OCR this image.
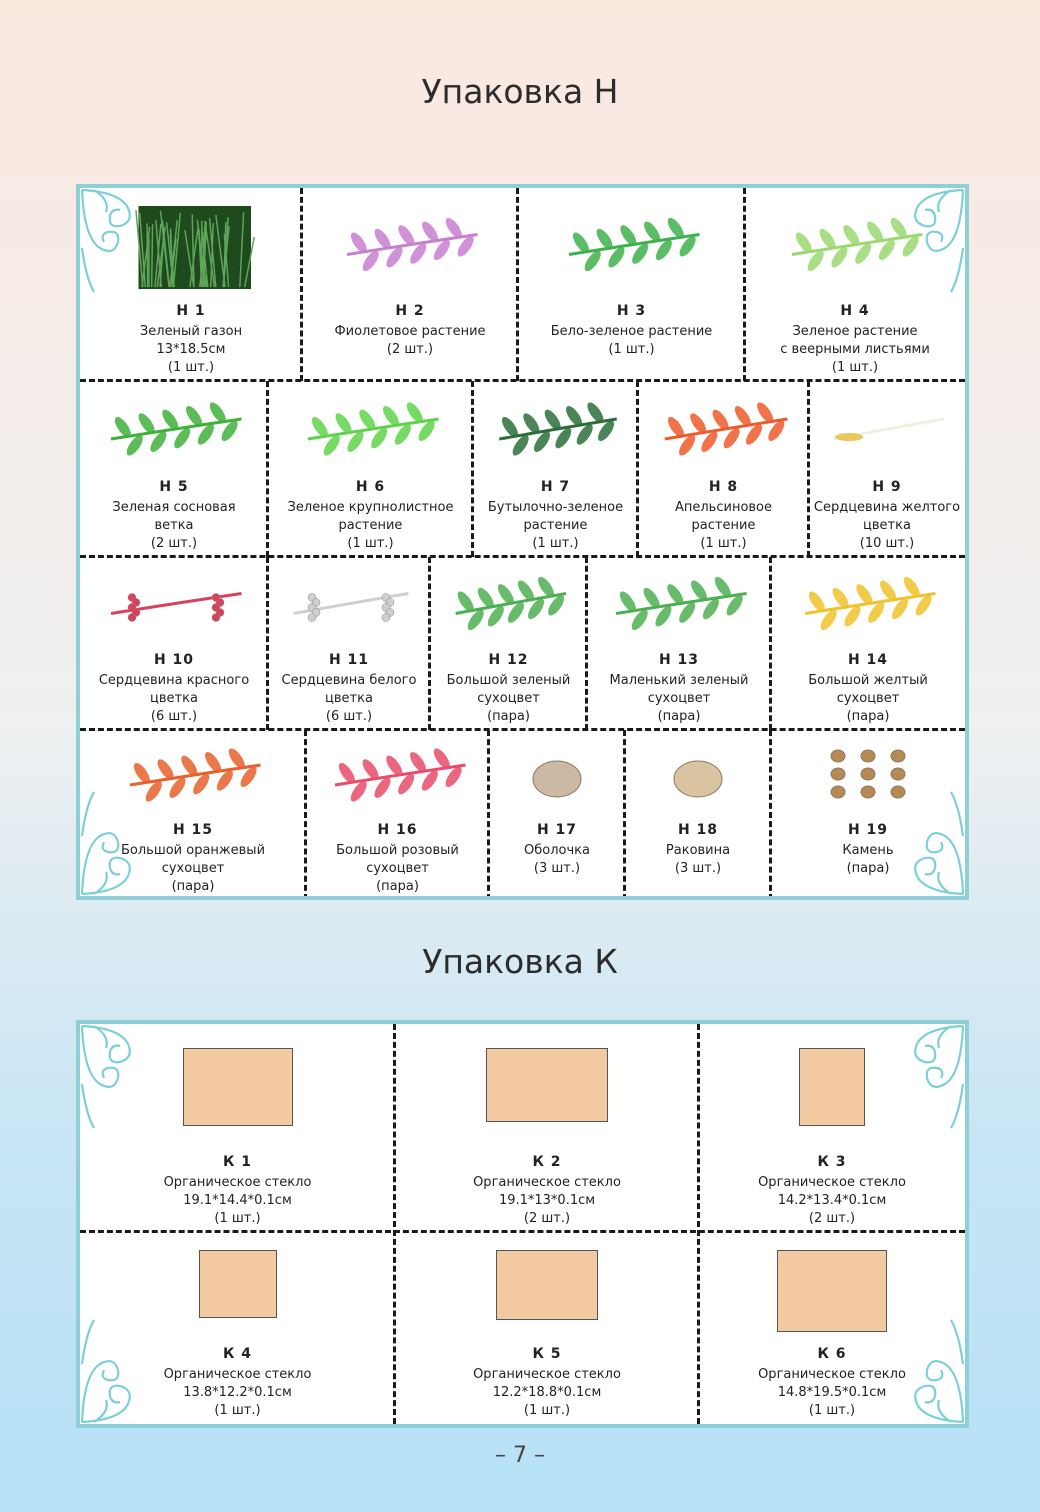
Упаковка Н
Н 1
Зеленый газон
13*18.5см
(1 шт.)
Н 2
Фиолетовое растение
(2 шт.)
Н 3
Бело-зеленое растение
(1 шт.)
Н 4
Зеленое растение
с веерными листьями
(1 шт.)
Н 5
Зеленая сосновая
ветка
(2 шт.)
Н 6
Зеленое крупнолистное
растение
(1 шт.)
Н 7
Бутылочно-зеленое
растение
(1 шт.)
Н 8
Апельсиновое
растение
(1 шт.)
Н 9
Сердцевина желтого
цветка
(10 шт.)
Н 10
Сердцевина красного
цветка
(6 шт.)
Н 11
Сердцевина белого
цветка
(6 шт.)
Н 12
Большой зеленый
сухоцвет
(пара)
Н 13
Маленький зеленый
сухоцвет
(пара)
Н 14
Большой желтый
сухоцвет
(пара)
Н 15
Большой оранжевый
сухоцвет
(пара)
Н 16
Большой розовый
сухоцвет
(пара)
Н 17
Оболочка
(3 шт.)
Н 18
Раковина
(3 шт.)
Н 19
Камень
(пара)
Упаковка К
К 1
Органическое стекло
19.1*14.4*0.1см
(1 шт.)
К 2
Органическое стекло
19.1*13*0.1см
(2 шт.)
К 3
Органическое стекло
14.2*13.4*0.1см
(2 шт.)
К 4
Органическое стекло
13.8*12.2*0.1см
(1 шт.)
К 5
Органическое стекло
12.2*18.8*0.1см
(1 шт.)
К 6
Органическое стекло
14.8*19.5*0.1см
(1 шт.)
– 7 –
